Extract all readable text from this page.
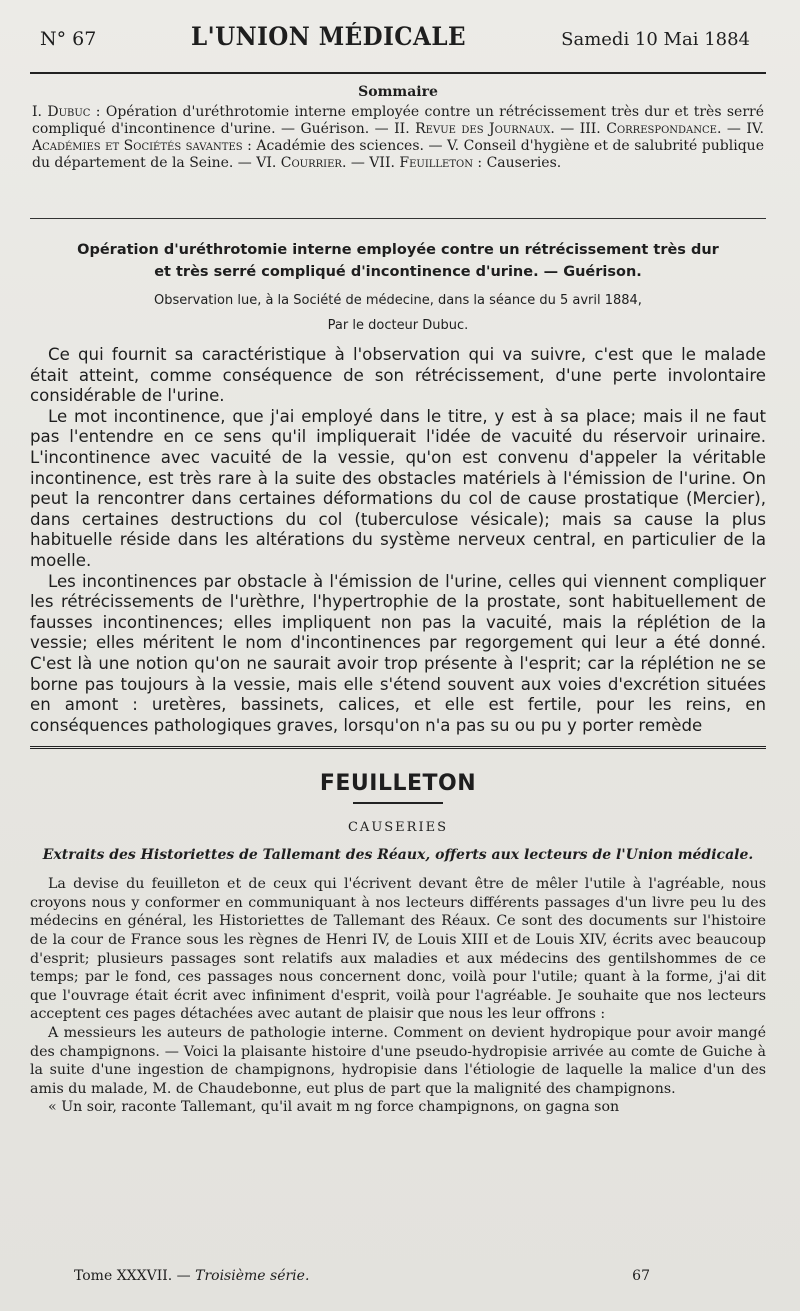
N° 67	L'UNION MÉDICALE	Samedi 10 Mai 1884
Sommaire
I. Dubuc : Opération d'uréthrotomie interne employée contre un rétrécissement très dur et très serré compliqué d'incontinence d'urine. — Guérison. — II. Revue des Journaux. — III. Correspondance. — IV. Académies et Sociétés savantes : Académie des sciences. — V. Conseil d'hygiène et de salubrité publique du département de la Seine. — VI. Courrier. — VII. Feuilleton : Causeries.
Opération d'uréthrotomie interne employée contre un rétrécissement très dur
et très serré compliqué d'incontinence d'urine. — Guérison.
Observation lue, à la Société de médecine, dans la séance du 5 avril 1884,
Par le docteur Dubuc.

Ce qui fournit sa caractéristique à l'observation qui va suivre, c'est que le malade était atteint, comme conséquence de son rétrécissement, d'une perte involontaire considérable de l'urine.

Le mot incontinence, que j'ai employé dans le titre, y est à sa place; mais il ne faut pas l'entendre en ce sens qu'il impliquerait l'idée de vacuité du réservoir urinaire. L'incontinence avec vacuité de la vessie, qu'on est convenu d'appeler la véritable incontinence, est très rare à la suite des obstacles matériels à l'émission de l'urine. On peut la rencontrer dans certaines déformations du col de cause prostatique (Mercier), dans certaines destructions du col (tuberculose vésicale); mais sa cause la plus habituelle réside dans les altérations du système nerveux central, en particulier de la moelle.

Les incontinences par obstacle à l'émission de l'urine, celles qui viennent compliquer les rétrécissements de l'urèthre, l'hypertrophie de la prostate, sont habituellement de fausses incontinences; elles impliquent non pas la vacuité, mais la réplétion de la vessie; elles méritent le nom d'incontinences par regorgement qui leur a été donné. C'est là une notion qu'on ne saurait avoir trop présente à l'esprit; car la réplétion ne se borne pas toujours à la vessie, mais elle s'étend souvent aux voies d'excrétion situées en amont : uretères, bassinets, calices, et elle est fertile, pour les reins, en conséquences pathologiques graves, lorsqu'on n'a pas su ou pu y porter remède

FEUILLETON
CAUSERIES
Extraits des Historiettes de Tallemant des Réaux, offerts aux lecteurs de l'Union médicale.

La devise du feuilleton et de ceux qui l'écrivent devant être de mêler l'utile à l'agréable, nous croyons nous y conformer en communiquant à nos lecteurs différents passages d'un livre peu lu des médecins en général, les Historiettes de Tallemant des Réaux. Ce sont des documents sur l'histoire de la cour de France sous les règnes de Henri IV, de Louis XIII et de Louis XIV, écrits avec beaucoup d'esprit; plusieurs passages sont relatifs aux maladies et aux médecins des gentilshommes de ce temps; par le fond, ces passages nous concernent donc, voilà pour l'utile; quant à la forme, j'ai dit que l'ouvrage était écrit avec infiniment d'esprit, voilà pour l'agréable. Je souhaite que nos lecteurs acceptent ces pages détachées avec autant de plaisir que nous les leur offrons :

A messieurs les auteurs de pathologie interne. Comment on devient hydropique pour avoir mangé des champignons. — Voici la plaisante histoire d'une pseudo-hydropisie arrivée au comte de Guiche à la suite d'une ingestion de champignons, hydropisie dans l'étiologie de laquelle la malice d'un des amis du malade, M. de Chaudebonne, eut plus de part que la malignité des champignons.

« Un soir, raconte Tallemant, qu'il avait m ng force champignons, on gagna son

Tome XXXVII. — Troisième série.	67
